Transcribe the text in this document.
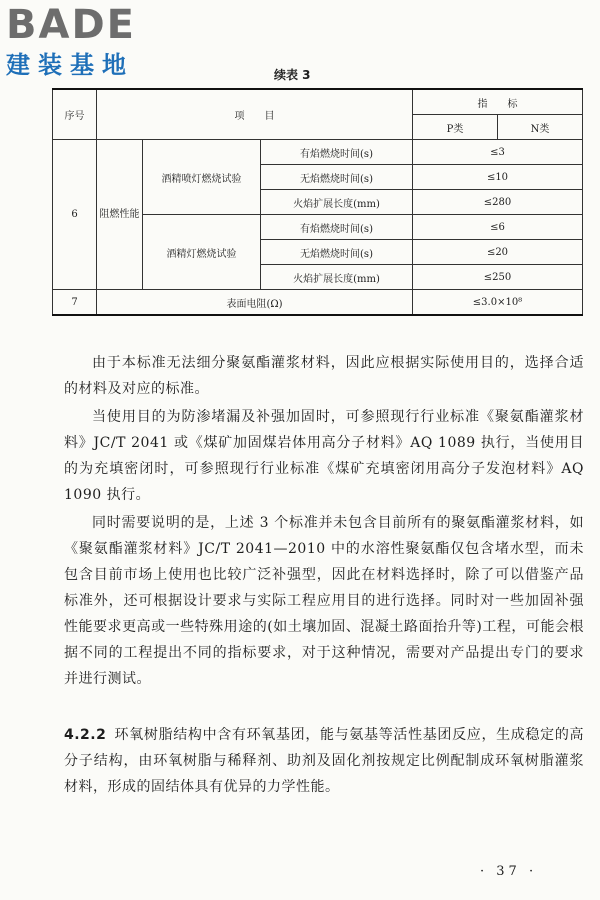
BADE
建装基地	续表 3
序号	项　　目			指　　标	
				P类	N类
6	阻燃性能	酒精喷灯燃烧试验	有焰燃烧时间(s)	≤3	
			无焰燃烧时间(s)	≤10	
			火焰扩展长度(mm)	≤280	
		酒精灯燃烧试验	有焰燃烧时间(s)	≤6	
			无焰燃烧时间(s)	≤20	
			火焰扩展长度(mm)	≤250	
7	表面电阻(Ω)			≤3.0×10⁸	

由于本标准无法细分聚氨酯灌浆材料，因此应根据实际使用目的，选择合适的材料及对应的标准。

当使用目的为防渗堵漏及补强加固时，可参照现行行业标准《聚氨酯灌浆材料》JC/T 2041 或《煤矿加固煤岩体用高分子材料》AQ 1089 执行，当使用目的为充填密闭时，可参照现行行业标准《煤矿充填密闭用高分子发泡材料》AQ 1090 执行。

同时需要说明的是，上述 3 个标准并未包含目前所有的聚氨酯灌浆材料，如《聚氨酯灌浆材料》JC/T 2041—2010 中的水溶性聚氨酯仅包含堵水型，而未包含目前市场上使用也比较广泛补强型，因此在材料选择时，除了可以借鉴产品标准外，还可根据设计要求与实际工程应用目的进行选择。同时对一些加固补强性能要求更高或一些特殊用途的(如土壤加固、混凝土路面抬升等)工程，可能会根据不同的工程提出不同的指标要求，对于这种情况，需要对产品提出专门的要求并进行测试。

4.2.2 环氧树脂结构中含有环氧基团，能与氨基等活性基团反应，生成稳定的高分子结构，由环氧树脂与稀释剂、助剂及固化剂按规定比例配制成环氧树脂灌浆材料，形成的固结体具有优异的力学性能。

· 37 ·
